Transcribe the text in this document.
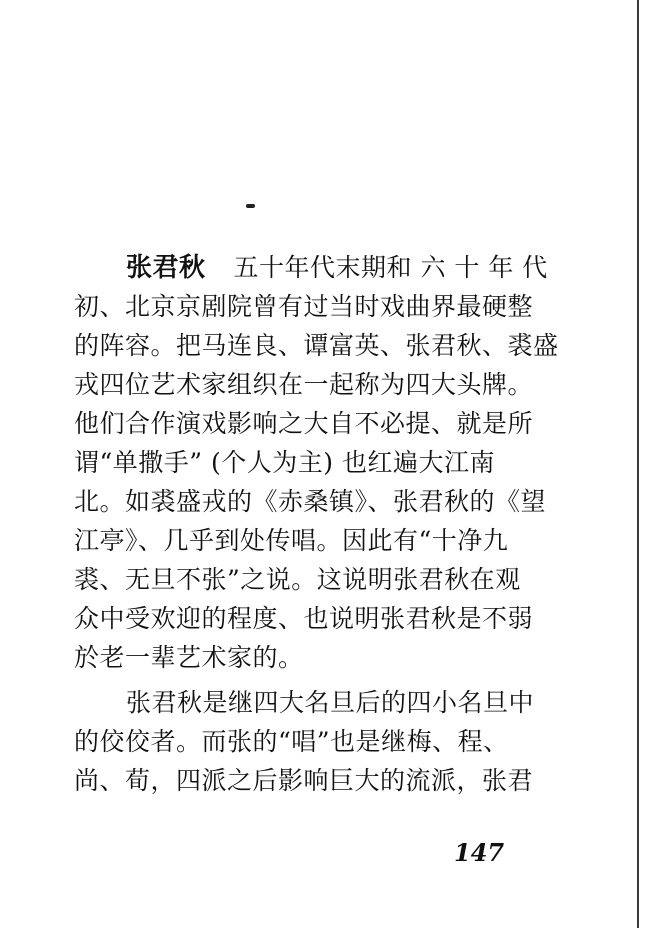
张君秋 五十年代末期和 六 十 年 代
初、北京京剧院曾有过当时戏曲界最硬整
的阵容。把马连良、谭富英、张君秋、裘盛
戎四位艺术家组织在一起称为四大头牌。
他们合作演戏影响之大自不必提、就是所
谓“单撒手” (个人为主) 也红遍大江南
北。如裘盛戎的《赤桑镇》、张君秋的《望
江亭》、几乎到处传唱。因此有“十净九
裘、无旦不张”之说。这说明张君秋在观
众中受欢迎的程度、也说明张君秋是不弱
於老一辈艺术家的。
张君秋是继四大名旦后的四小名旦中
的佼佼者。而张的“唱”也是继梅、程、
尚、荀，四派之后影响巨大的流派，张君
147
